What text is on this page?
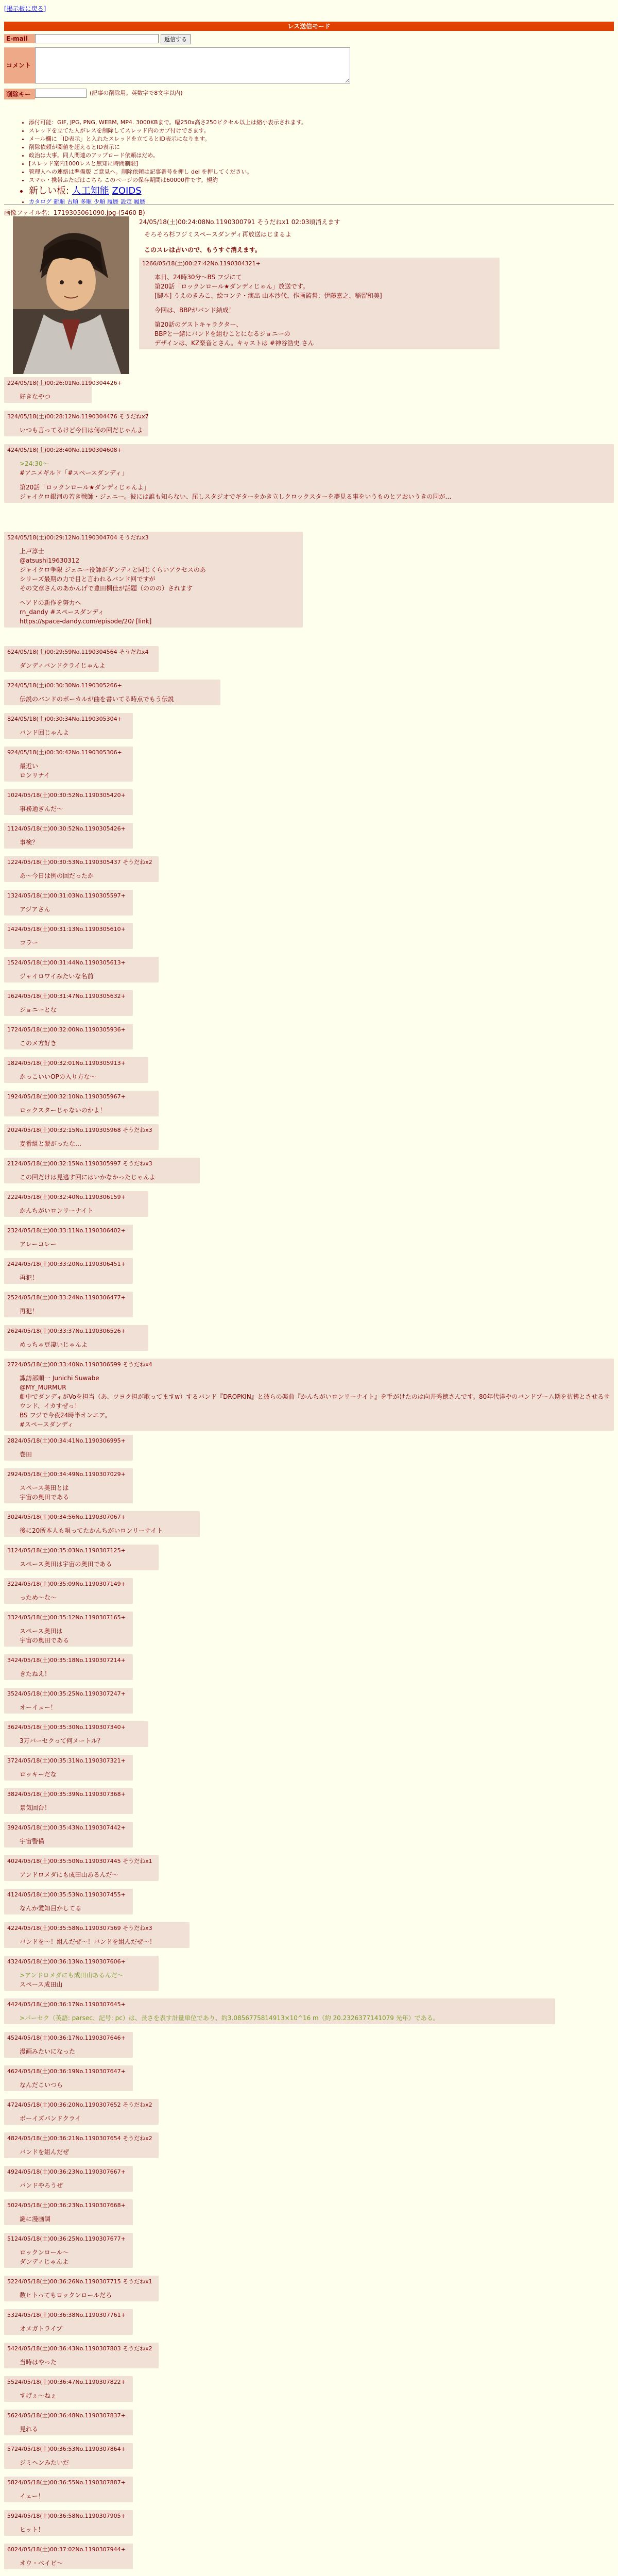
[掲示板に戻る]
レス送信モード
E-mail	返信する
コメント
削除キー	(記事の削除用。英数字で8文字以内)
• 添付可能：GIF, JPG, PNG, WEBM, MP4. 3000KBまで。幅250x高さ250ピクセル以上は縮小表示されます。
• スレッドを立てた人がレスを削除してスレッド内のカブ付けでさます。
• メール欄に「ID表示」と入れたスレッドを立てるとID表示になります。
• 削除依頼が閾値を超えるとID表示に
• 政治は大事。同人関連のアップロード依頼はだめ。
• [スレッド案内1000レスと無知に時間制限]
• 管理人への連絡は準備版 ご意見へ。削除依頼は記事番号を押し del を押してください。
• スマホ・携帯ふたばはこちら このページの保存期間は60000件です。規約
• 新しい板: 人工知能 ZOIDS
• カタログ 新順 古順 多順 少順 履歴 設定 履歴
画像ファイル名：1719305061090.jpg-(5460 B)
24/05/18(土)00:24:08No.1190300791 そうだねx1 02:03頃消えます
そろそろ杉フジミスペースダンディ再放送はじまるよ
このスレは占いので、もうすぐ消えます。
1266/05/18(土)00:27:42No.1190304321+
本日、24時30分～BS フジにて
第20話「ロックンロール★ダンディじゃん」放送です。
[脚本] うえのきみこ、絵コンテ・演出 山本沙代、作画監督：伊藤嘉之、稲留和美]
今回は、BBPがバンド結成！
第20話のゲストキャラクター、
BBPと一緒にバンドを組むことになるジョニーの
デザインは、KZ楽音とさん。キャストは #神谷浩史 さん
224/05/18(土)00:26:01No.1190304426+
好きなやつ
324/05/18(土)00:28:12No.1190304476 そうだねx7
いつも言ってるけど今日は何の回だじゃんよ
424/05/18(土)00:28:40No.1190304608+
>24:30～
#アニメギルド「#スペースダンディ」
第20話「ロックンロール★ダンディじゃんよ」
ジャイクロ銀河の若き戦師・ジェニー。彼には誰も知らない、屈しスタジオでギターをかき立しクロックスターを夢見る事をいうものとアおいうきの同が…
524/05/18(土)00:29:12No.1190304704 そうだねx3
上戸淳士
@atsushi19630312
ジャイクロ争限 ジェニー役師がダンディと同じくらいアクセスのあ
シリーズ最期の力で目と言われるバンド回ですが
その文章さんのあかんげで豊田桐佳が話題（ののの）されます
へアドの新作を努力へ
rn_dandy #スペースダンディ
https://space-dandy.com/episode/20/ [link]
624/05/18(土)00:29:59No.1190304564 そうだねx4
ダンディバンドクライじゃんよ
724/05/18(土)00:30:30No.1190305266+
伝説のバンドのボーカルが曲を書いてる時点でもう伝説
824/05/18(土)00:30:34No.1190305304+
バンド回じゃんよ
924/05/18(土)00:30:42No.1190305306+
最近い
ロンリナイ
1024/05/18(土)00:30:52No.1190305420+
事務通ぎんだ～
1124/05/18(土)00:30:52No.1190305426+
事検？
1224/05/18(土)00:30:53No.1190305437 そうだねx2
あ～今日は例の回だったか
1324/05/18(土)00:31:03No.1190305597+
アジアさん
1424/05/18(土)00:31:13No.1190305610+
コラー
1524/05/18(土)00:31:44No.1190305613+
ジャイロワイみたいな名前
1624/05/18(土)00:31:47No.1190305632+
ジョニーとな
1724/05/18(土)00:32:00No.1190305936+
このメ方好き
1824/05/18(土)00:32:01No.1190305913+
かっこいいOPの入り方な～
1924/05/18(土)00:32:10No.1190305967+
ロックスターじゃないのかよ！
2024/05/18(土)00:32:15No.1190305968 そうだねx3
麦番組と繋がったな…
2124/05/18(土)00:32:15No.1190305997 そうだねx3
この回だけは見逃す回にはいかなかったじゃんよ
2224/05/18(土)00:32:40No.1190306159+
かんちがいロンリーナイト
2324/05/18(土)00:33:11No.1190306402+
アレーコレー
2424/05/18(土)00:33:20No.1190306451+
再犯！
2524/05/18(土)00:33:24No.1190306477+
再犯！
2624/05/18(土)00:33:37No.1190306526+
めっちゃ豆凄いじゃんよ
2724/05/18(土)00:33:40No.1190306599 そうだねx4
諏訪部順一 Junichi Suwabe
@MY_MURMUR
劇中でダンディがVoを担当（あ、ツヨク担が歌ってますw）するバンド『DROPKIN』と彼らの楽曲『かんちがいロンリーナイト』を手がけたのは向井秀徳さんです。80年代洋やのバンドブーム期を彷彿とさせるサウンド、イカすぜっ！
BS フジで今夜24時半オンエア。
#スペースダンディ
2824/05/18(土)00:34:41No.1190306995+
巻田
2924/05/18(土)00:34:49No.1190307029+
スペース奥田とは
宇宙の奥田である
3024/05/18(土)00:34:56No.1190307067+
後に20所本人も唄ってたかんちがいロンリーナイト
3124/05/18(土)00:35:03No.1190307125+
スペース奥田は宇宙の奥田である
3224/05/18(土)00:35:09No.1190307149+
っため～な～
3324/05/18(土)00:35:12No.1190307165+
スペース奥田は
宇宙の奥田である
3424/05/18(土)00:35:18No.1190307214+
きたねえ！
3524/05/18(土)00:35:25No.1190307247+
オーイェー！
3624/05/18(土)00:35:30No.1190307340+
3万バーセクって何メートル？
3724/05/18(土)00:35:31No.1190307321+
ロッキーだな
3824/05/18(土)00:35:39No.1190307368+
景気回台！
3924/05/18(土)00:35:43No.1190307442+
宇宙警備
4024/05/18(土)00:35:50No.1190307445 そうだねx1
アンドロメダにも成田山あるんだ～
4124/05/18(土)00:35:53No.1190307455+
なんか愛知目かしてる
4224/05/18(土)00:35:58No.1190307569 そうだねx3
バンドを～！組んだぜ～！バンドを組んだぜ～！
4324/05/18(土)00:36:13No.1190307606+
>アンドロメダにも成田山あるんだ～
スペース成田山
4424/05/18(土)00:36:17No.1190307645+
>パーセク（英語: parsec、記号: pc）は、長さを表す計量単位であり、約3.0856775814913×10^16 m（約 20.2326377141079 光年）である。
4524/05/18(土)00:36:17No.1190307646+
漫画みたいになった
4624/05/18(土)00:36:19No.1190307647+
なんだこいつら
4724/05/18(土)00:36:20No.1190307652 そうだねx2
ボーイズバンドクライ
4824/05/18(土)00:36:21No.1190307654 そうだねx2
バンドを組んだぜ
4924/05/18(土)00:36:23No.1190307667+
バンドやろうぜ
5024/05/18(土)00:36:23No.1190307668+
謎に漫画調
5124/05/18(土)00:36:25No.1190307677+
ロックンロール～
ダンディじゃんよ
5224/05/18(土)00:36:26No.1190307715 そうだねx1
数ヒトってもロックンロールだろ
5324/05/18(土)00:36:38No.1190307761+
オメガトライブ
5424/05/18(土)00:36:43No.1190307803 そうだねx2
当時はやった
5524/05/18(土)00:36:47No.1190307822+
すげぇ～ねぇ
5624/05/18(土)00:36:48No.1190307837+
見れる
5724/05/18(土)00:36:53No.1190307864+
ジミヘンみたいだ
5824/05/18(土)00:36:55No.1190307887+
イェー！
5924/05/18(土)00:36:58No.1190307905+
ヒット！
6024/05/18(土)00:37:02No.1190307944+
オウ・ベイビ～
